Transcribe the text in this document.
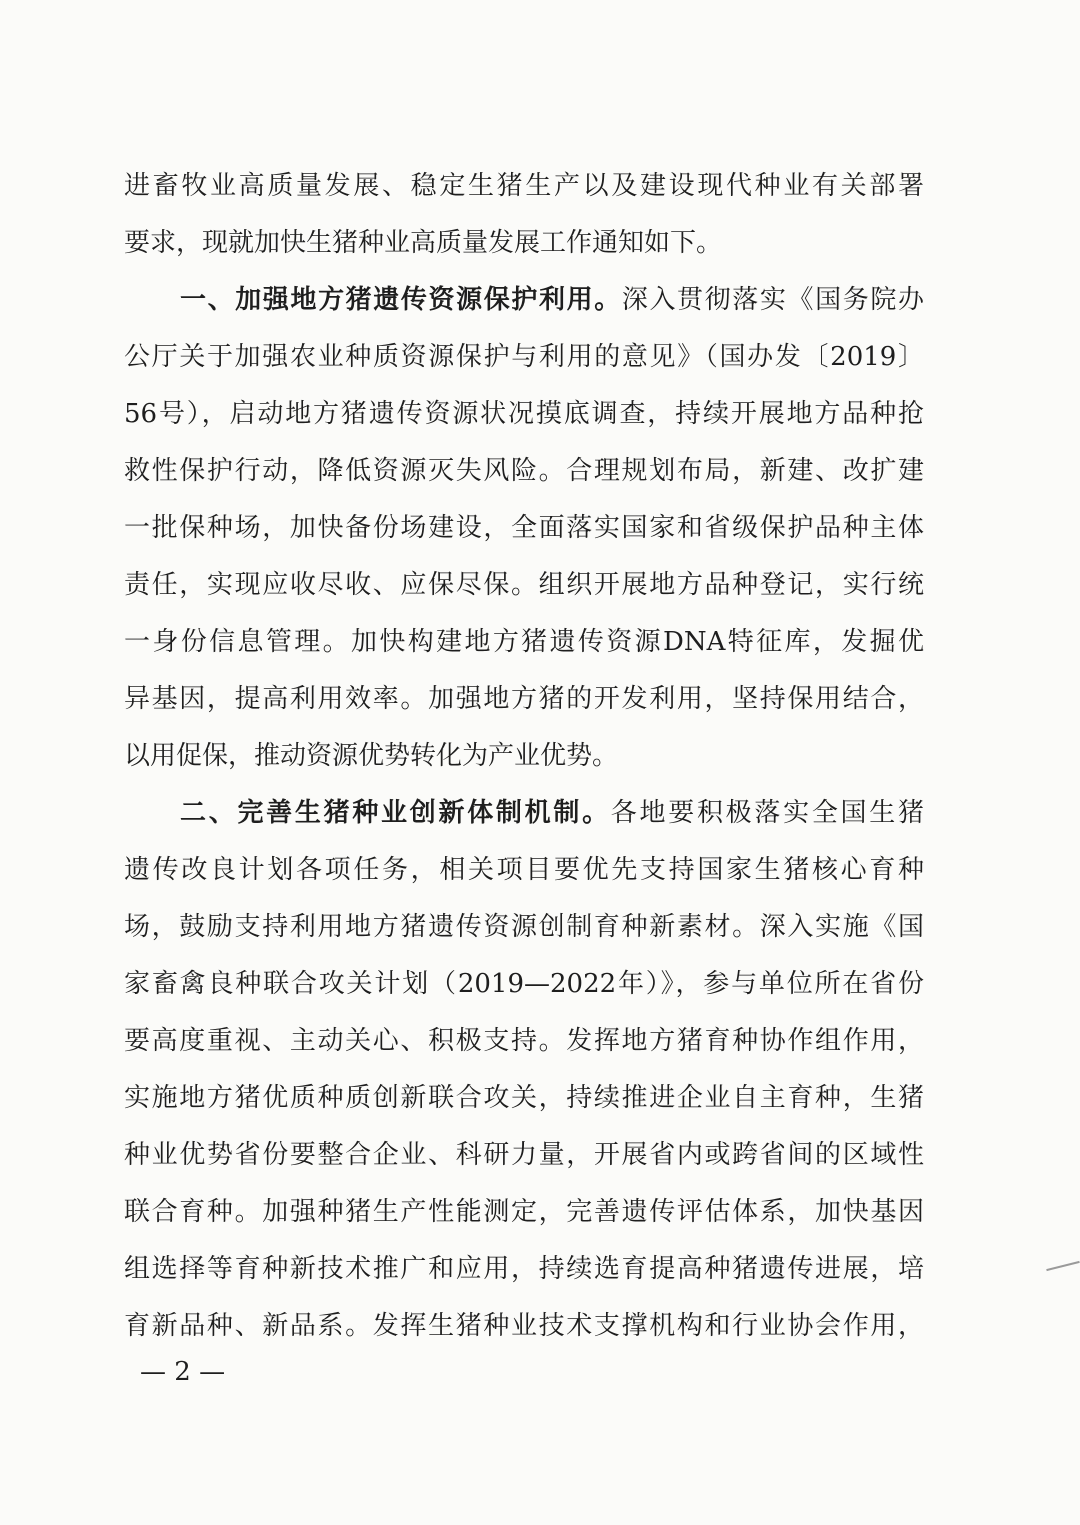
进畜牧业高质量发展、稳定生猪生产以及建设现代种业有关部署
要求，现就加快生猪种业高质量发展工作通知如下。
一、加强地方猪遗传资源保护利用。深入贯彻落实《国务院办
公厅关于加强农业种质资源保护与利用的意见》（国办发〔2019〕
56号），启动地方猪遗传资源状况摸底调查，持续开展地方品种抢
救性保护行动，降低资源灭失风险。合理规划布局，新建、改扩建
一批保种场，加快备份场建设，全面落实国家和省级保护品种主体
责任，实现应收尽收、应保尽保。组织开展地方品种登记，实行统
一身份信息管理。加快构建地方猪遗传资源DNA特征库，发掘优
异基因，提高利用效率。加强地方猪的开发利用，坚持保用结合，
以用促保，推动资源优势转化为产业优势。
二、完善生猪种业创新体制机制。各地要积极落实全国生猪
遗传改良计划各项任务，相关项目要优先支持国家生猪核心育种
场，鼓励支持利用地方猪遗传资源创制育种新素材。深入实施《国
家畜禽良种联合攻关计划（2019—2022年）》，参与单位所在省份
要高度重视、主动关心、积极支持。发挥地方猪育种协作组作用，
实施地方猪优质种质创新联合攻关，持续推进企业自主育种，生猪
种业优势省份要整合企业、科研力量，开展省内或跨省间的区域性
联合育种。加强种猪生产性能测定，完善遗传评估体系，加快基因
组选择等育种新技术推广和应用，持续选育提高种猪遗传进展，培
育新品种、新品系。发挥生猪种业技术支撑机构和行业协会作用，
— 2 —
